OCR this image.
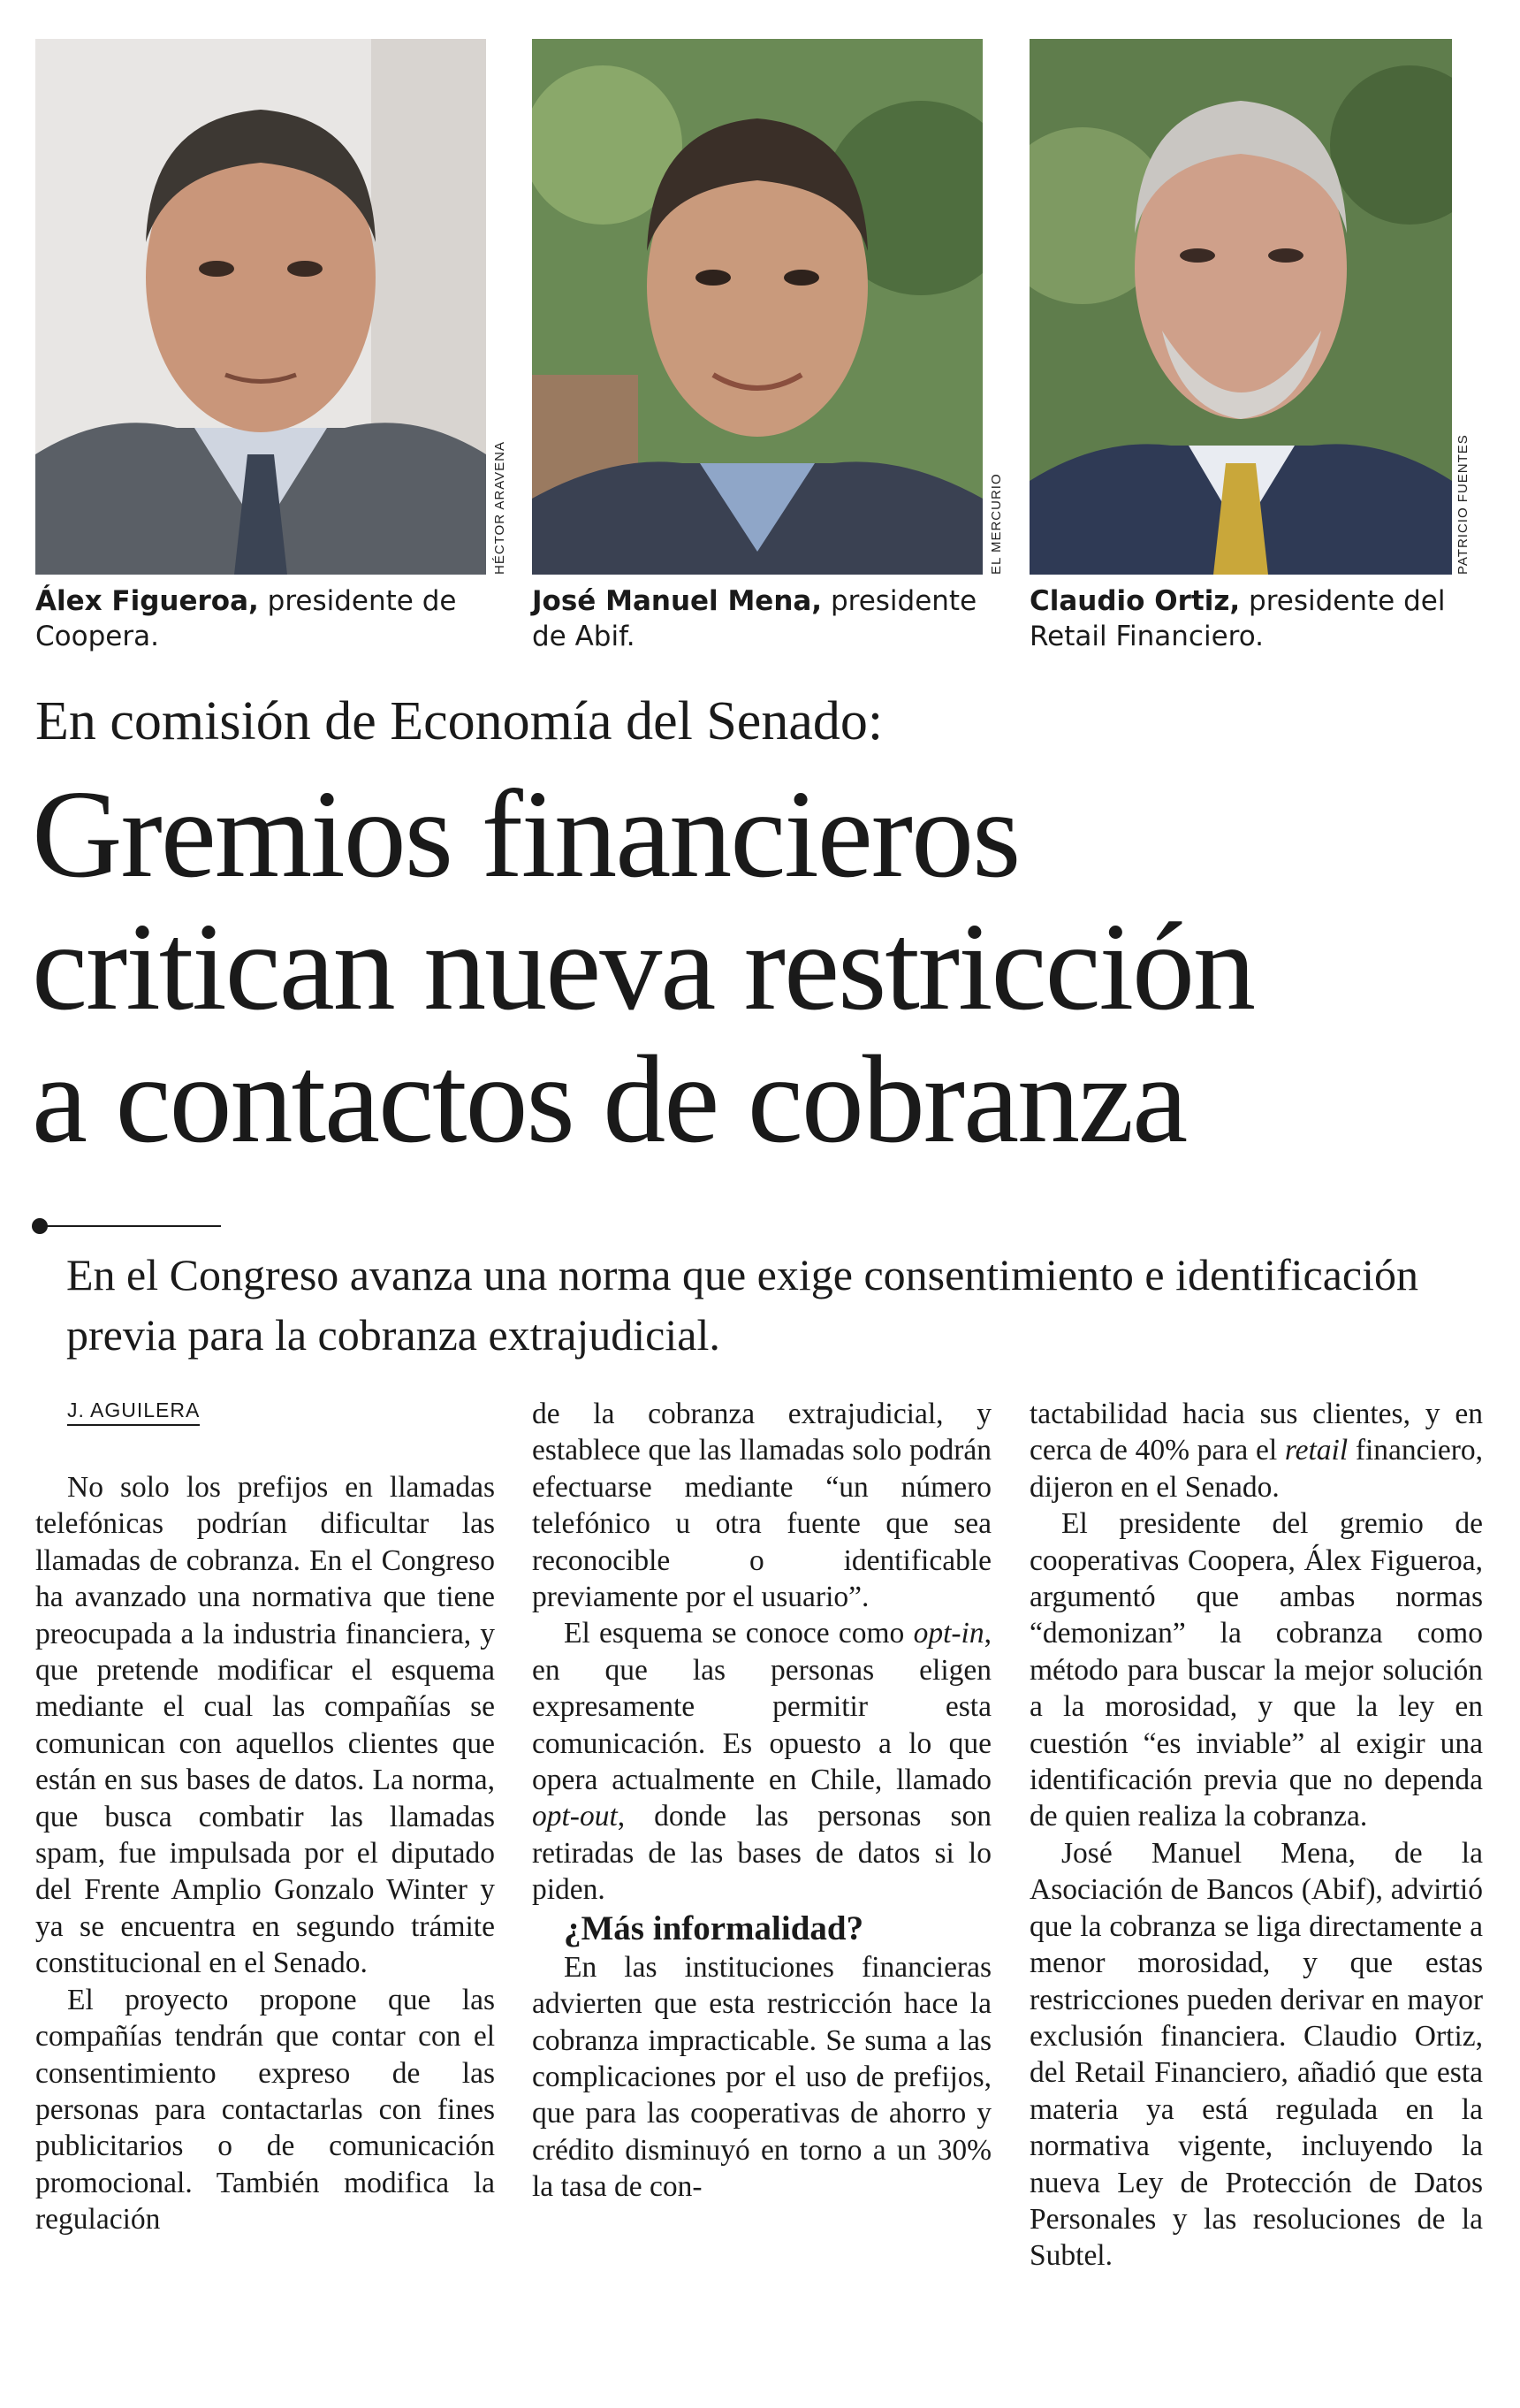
HÉCTOR ARAVENA	EL MERCURIO	PATRICIO FUENTES
Álex Figueroa, presidente de Coopera.
José Manuel Mena, presidente de Abif.
Claudio Ortiz, presidente del Retail Financiero.
En comisión de Economía del Senado:
Gremios financieros
critican nueva restricción
a contactos de cobranza
En el Congreso avanza una norma que exige consentimiento e identificación previa para la cobranza extrajudicial.
J. AGUILERA

No solo los prefijos en llamadas telefónicas podrían dificultar las llamadas de cobranza. En el Congreso ha avanzado una normativa que tiene preocupada a la industria financiera, y que pretende modificar el esquema mediante el cual las compañías se comunican con aquellos clientes que están en sus bases de datos. La norma, que busca combatir las llamadas spam, fue impulsada por el diputado del Frente Amplio Gonzalo Winter y ya se encuentra en segundo trámite constitucional en el Senado.

El proyecto propone que las compañías tendrán que contar con el consentimiento expreso de las personas para contactarlas con fines publicitarios o de comunicación promocional. También modifica la regulación

de la cobranza extrajudicial, y establece que las llamadas solo podrán efectuarse mediante “un número telefónico u otra fuente que sea reconocible o identificable previamente por el usuario”.

El esquema se conoce como opt-in, en que las personas eligen expresamente permitir esta comunicación. Es opuesto a lo que opera actualmente en Chile, llamado opt-out, donde las personas son retiradas de las bases de datos si lo piden.

¿Más informalidad?

En las instituciones financieras advierten que esta restricción hace la cobranza impracticable. Se suma a las complicaciones por el uso de prefijos, que para las cooperativas de ahorro y crédito disminuyó en torno a un 30% la tasa de con-

tactabilidad hacia sus clientes, y en cerca de 40% para el retail financiero, dijeron en el Senado.

El presidente del gremio de cooperativas Coopera, Álex Figueroa, argumentó que ambas normas “demonizan” la cobranza como método para buscar la mejor solución a la morosidad, y que la ley en cuestión “es inviable” al exigir una identificación previa que no dependa de quien realiza la cobranza.

José Manuel Mena, de la Asociación de Bancos (Abif), advirtió que la cobranza se liga directamente a menor morosidad, y que estas restricciones pueden derivar en mayor exclusión financiera. Claudio Ortiz, del Retail Financiero, añadió que esta materia ya está regulada en la normativa vigente, incluyendo la nueva Ley de Protección de Datos Personales y las resoluciones de la Subtel.
